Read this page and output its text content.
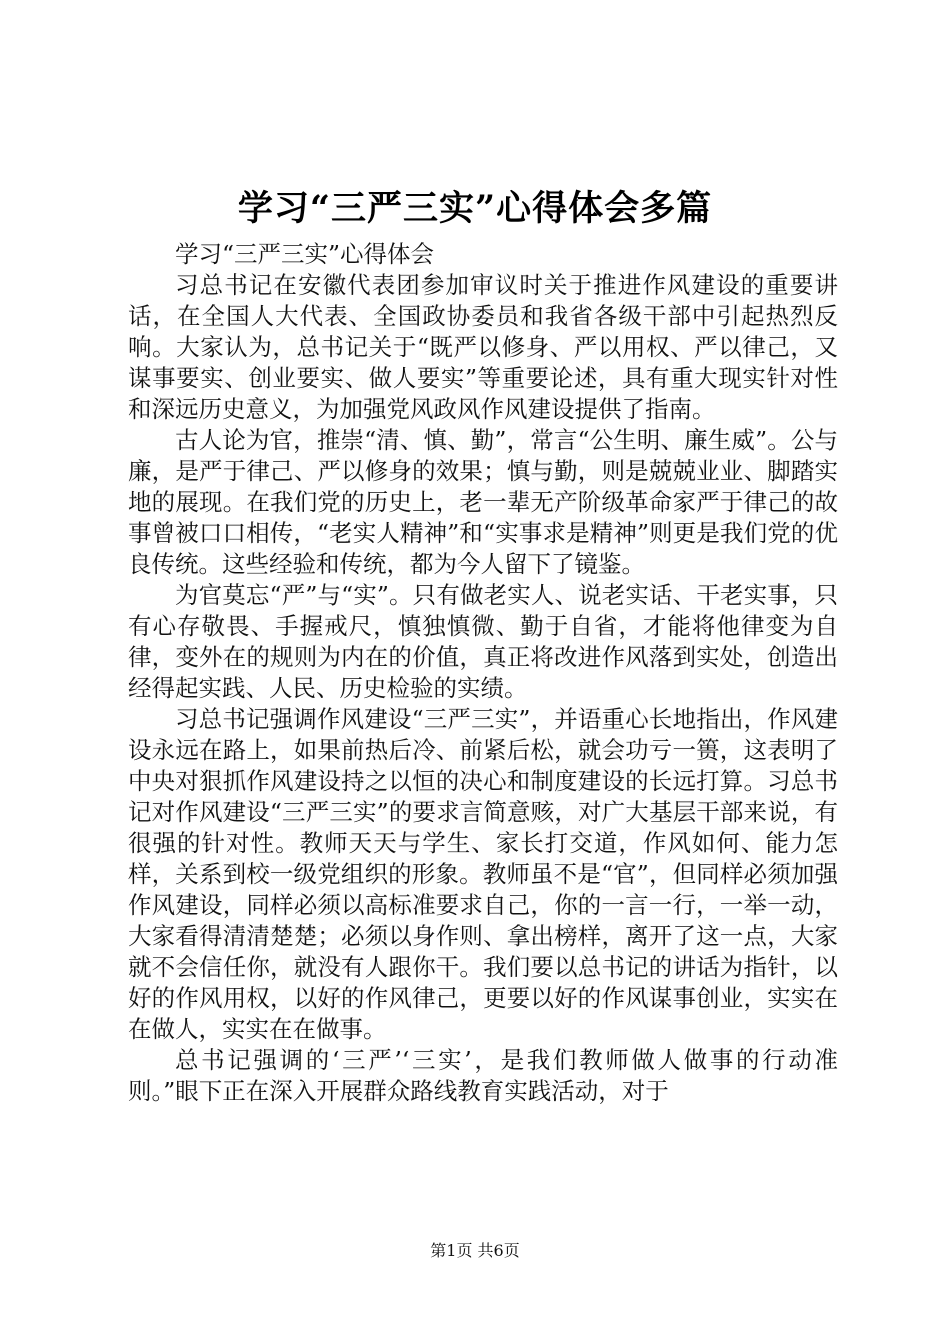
学习“三严三实”心得体会多篇

学习“三严三实”心得体会

习总书记在安徽代表团参加审议时关于推进作风建设的重要讲话，在全国人大代表、全国政协委员和我省各级干部中引起热烈反响。大家认为，总书记关于“既严以修身、严以用权、严以律己，又谋事要实、创业要实、做人要实”等重要论述，具有重大现实针对性和深远历史意义，为加强党风政风作风建设提供了指南。

古人论为官，推崇“清、慎、勤”，常言“公生明、廉生威”。公与廉，是严于律己、严以修身的效果；慎与勤，则是兢兢业业、脚踏实地的展现。在我们党的历史上，老一辈无产阶级革命家严于律己的故事曾被口口相传，“老实人精神”和“实事求是精神”则更是我们党的优良传统。这些经验和传统，都为今人留下了镜鉴。

为官莫忘“严”与“实”。只有做老实人、说老实话、干老实事，只有心存敬畏、手握戒尺，慎独慎微、勤于自省，才能将他律变为自律，变外在的规则为内在的价值，真正将改进作风落到实处，创造出经得起实践、人民、历史检验的实绩。

习总书记强调作风建设“三严三实”，并语重心长地指出，作风建设永远在路上，如果前热后冷、前紧后松，就会功亏一篑，这表明了中央对狠抓作风建设持之以恒的决心和制度建设的长远打算。习总书记对作风建设“三严三实”的要求言简意赅，对广大基层干部来说，有很强的针对性。教师天天与学生、家长打交道，作风如何、能力怎样，关系到校一级党组织的形象。教师虽不是“官”，但同样必须加强作风建设，同样必须以高标准要求自己，你的一言一行，一举一动，大家看得清清楚楚；必须以身作则、拿出榜样，离开了这一点，大家就不会信任你，就没有人跟你干。我们要以总书记的讲话为指针，以好的作风用权，以好的作风律己，更要以好的作风谋事创业，实实在在做人，实实在在做事。

总书记强调的‘三严’‘三实’，是我们教师做人做事的行动准则。”眼下正在深入开展群众路线教育实践活动，对于

第1页 共6页
